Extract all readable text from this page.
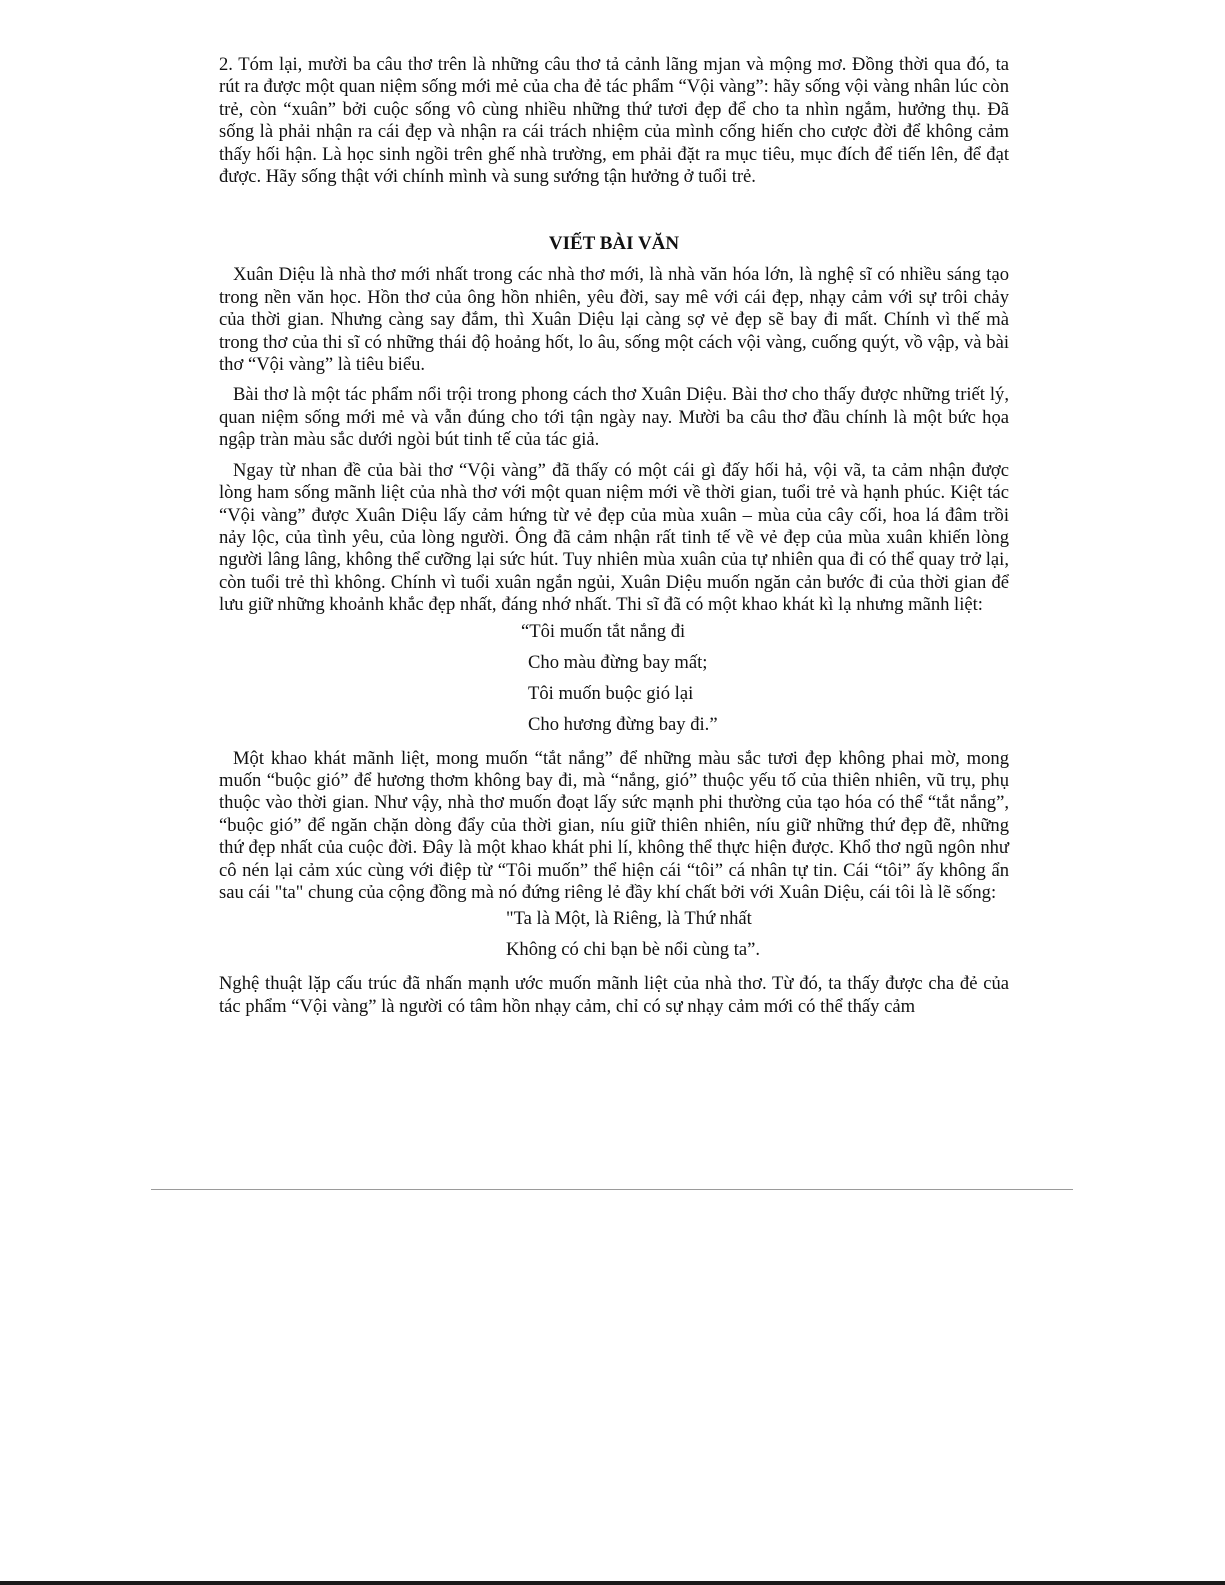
2. Tóm lại, mười ba câu thơ trên là những câu thơ tả cảnh lãng mjan và mộng mơ. Đồng thời qua đó, ta rút ra được một quan niệm sống mới mẻ của cha đẻ tác phẩm “Vội vàng”: hãy sống vội vàng nhân lúc còn trẻ, còn “xuân” bởi cuộc sống vô cùng nhiều những thứ tươi đẹp để cho ta nhìn ngắm, hưởng thụ. Đã sống là phải nhận ra cái đẹp và nhận ra cái trách nhiệm của mình cống hiến cho cược đời để không cảm thấy hối hận. Là học sinh ngồi trên ghế nhà trường, em phải đặt ra mục tiêu, mục đích để tiến lên, để đạt được. Hãy sống thật với chính mình và sung sướng tận hưởng ở tuổi trẻ.

VIẾT BÀI VĂN

Xuân Diệu là nhà thơ mới nhất trong các nhà thơ mới, là nhà văn hóa lớn, là nghệ sĩ có nhiều sáng tạo trong nền văn học. Hồn thơ của ông hồn nhiên, yêu đời, say mê với cái đẹp, nhạy cảm với sự trôi chảy của thời gian. Nhưng càng say đắm, thì Xuân Diệu lại càng sợ vẻ đẹp sẽ bay đi mất. Chính vì thế mà trong thơ của thi sĩ có những thái độ hoảng hốt, lo âu, sống một cách vội vàng, cuống quýt, vồ vập, và bài thơ “Vội vàng” là tiêu biểu.

Bài thơ là một tác phẩm nổi trội trong phong cách thơ Xuân Diệu. Bài thơ cho thấy được những triết lý, quan niệm sống mới mẻ và vẫn đúng cho tới tận ngày nay. Mười ba câu thơ đầu chính là một bức họa ngập tràn màu sắc dưới ngòi bút tinh tế của tác giả.

Ngay từ nhan đề của bài thơ “Vội vàng” đã thấy có một cái gì đấy hối hả, vội vã, ta cảm nhận được lòng ham sống mãnh liệt của nhà thơ với một quan niệm mới về thời gian, tuổi trẻ và hạnh phúc. Kiệt tác “Vội vàng” được Xuân Diệu lấy cảm hứng từ vẻ đẹp của mùa xuân – mùa của cây cối, hoa lá đâm trồi nảy lộc, của tình yêu, của lòng người. Ông đã cảm nhận rất tinh tế về vẻ đẹp của mùa xuân khiến lòng người lâng lâng, không thể cưỡng lại sức hút. Tuy nhiên mùa xuân của tự nhiên qua đi có thể quay trở lại, còn tuổi trẻ thì không. Chính vì tuổi xuân ngắn ngủi, Xuân Diệu muốn ngăn cản bước đi của thời gian để lưu giữ những khoảnh khắc đẹp nhất, đáng nhớ nhất. Thi sĩ đã có một khao khát kì lạ nhưng mãnh liệt:

“Tôi muốn tắt nắng đi

Cho màu đừng bay mất;

Tôi muốn buộc gió lại

Cho hương đừng bay đi.”

Một khao khát mãnh liệt, mong muốn “tắt nắng” để những màu sắc tươi đẹp không phai mờ, mong muốn “buộc gió” để hương thơm không bay đi, mà “nắng, gió” thuộc yếu tố của thiên nhiên, vũ trụ, phụ thuộc vào thời gian. Như vậy, nhà thơ muốn đoạt lấy sức mạnh phi thường của tạo hóa có thể “tắt nắng”, “buộc gió” để ngăn chặn dòng đẩy của thời gian, níu giữ thiên nhiên, níu giữ những thứ đẹp đẽ, những thứ đẹp nhất của cuộc đời. Đây là một khao khát phi lí, không thể thực hiện được. Khổ thơ ngũ ngôn như cô nén lại cảm xúc cùng với điệp từ “Tôi muốn” thể hiện cái “tôi” cá nhân tự tin. Cái “tôi” ấy không ẩn sau cái "ta" chung của cộng đồng mà nó đứng riêng lẻ đầy khí chất bởi với Xuân Diệu, cái tôi là lẽ sống:

"Ta là Một, là Riêng, là Thứ nhất

Không có chi bạn bè nổi cùng ta”.

Nghệ thuật lặp cấu trúc đã nhấn mạnh ước muốn mãnh liệt của nhà thơ. Từ đó, ta thấy được cha đẻ của tác phẩm “Vội vàng” là người có tâm hồn nhạy cảm, chỉ có sự nhạy cảm mới có thể thấy cảm
